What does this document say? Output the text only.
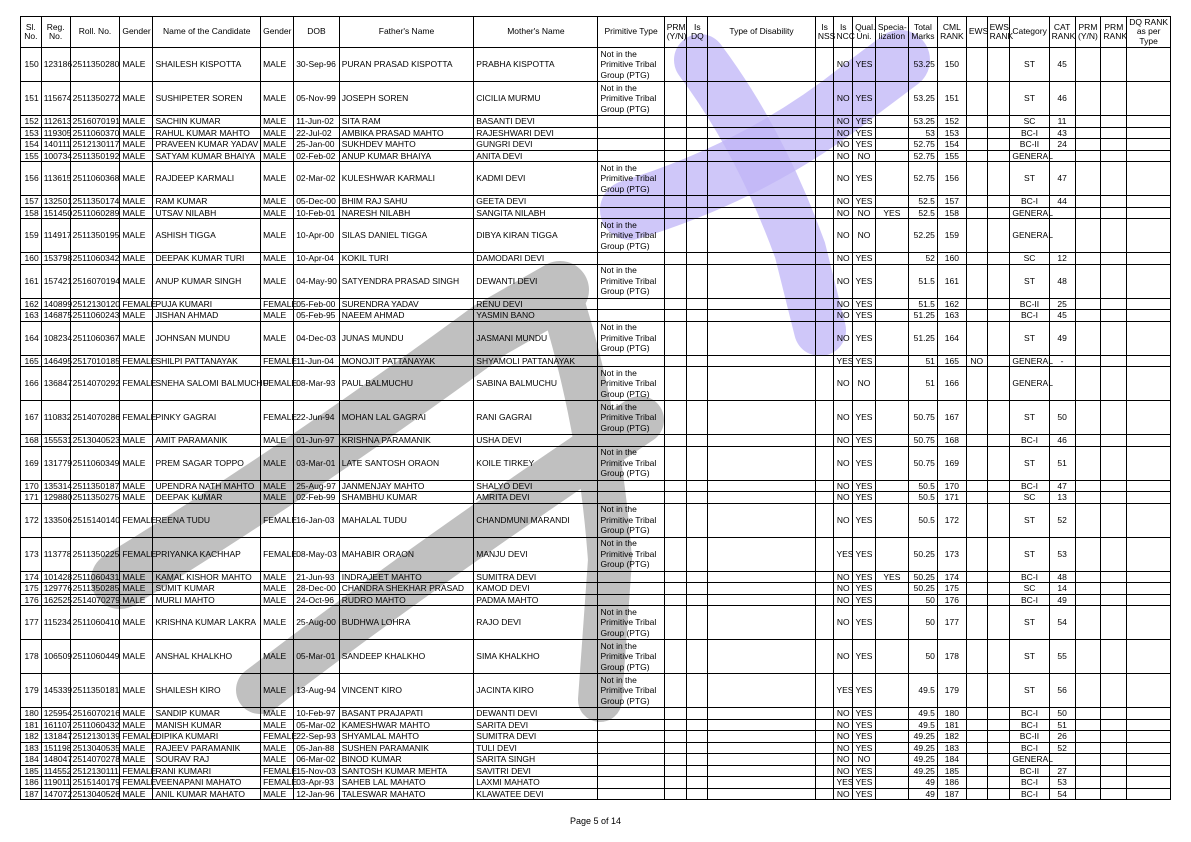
Sl. No.	Reg. No.	Roll. No.	Gender	Name of the Candidate	Gender	DOB	Father's Name	Mother's Name	Primitive Type	PRM (Y/N)	Is DQ	Type of Disability	Is NSS	Is NCC	Qual. Uni.	Specia-lization	Total Marks	CML RANK	EWS	EWS RANK	Category	CAT RANK	PRM (Y/N)	PRM RANK	DQ RANK as per Type
150	123186	2511350280	MALE	SHAILESH KISPOTTA	MALE	30-Sep-96	PURAN PRASAD KISPOTTA	PRABHA KISPOTTA	Not in the Primitive Tribal Group (PTG)					NO	YES		53.25	150			ST	45			
151	115674	2511350272	MALE	SUSHIPETER SOREN	MALE	05-Nov-99	JOSEPH SOREN	CICILIA MURMU	Not in the Primitive Tribal Group (PTG)					NO	YES		53.25	151			ST	46			
152	112613	2516070191	MALE	SACHIN KUMAR	MALE	11-Jun-02	SITA RAM	BASANTI DEVI						NO	YES		53.25	152			SC	11			
153	119305	2511060370	MALE	RAHUL KUMAR MAHTO	MALE	22-Jul-02	AMBIKA PRASAD MAHTO	RAJESHWARI DEVI						NO	YES		53	153			BC-I	43			
154	140111	2512130117	MALE	PRAVEEN KUMAR YADAV	MALE	25-Jan-00	SUKHDEV MAHTO	GUNGRI DEVI						NO	YES		52.75	154			BC-II	24			
155	100734	2511350192	MALE	SATYAM KUMAR BHAIYA	MALE	02-Feb-02	ANUP KUMAR BHAIYA	ANITA DEVI						NO	NO		52.75	155			GENERAL				
156	113615	2511060368	MALE	RAJDEEP KARMALI	MALE	02-Mar-02	KULESHWAR KARMALI	KADMI DEVI	Not in the Primitive Tribal Group (PTG)					NO	YES		52.75	156			ST	47			
157	132501	2511350174	MALE	RAM KUMAR	MALE	05-Dec-00	BHIM RAJ SAHU	GEETA DEVI						NO	YES		52.5	157			BC-I	44			
158	151450	2511060289	MALE	UTSAV NILABH	MALE	10-Feb-01	NARESH NILABH	SANGITA NILABH						NO	NO	YES	52.5	158			GENERAL				
159	114917	2511350195	MALE	ASHISH TIGGA	MALE	10-Apr-00	SILAS DANIEL TIGGA	DIBYA KIRAN TIGGA	Not in the Primitive Tribal Group (PTG)					NO	NO		52.25	159			GENERAL				
160	153798	2511060342	MALE	DEEPAK KUMAR TURI	MALE	10-Apr-04	KOKIL TURI	DAMODARI DEVI						NO	YES		52	160			SC	12			
161	157421	2516070194	MALE	ANUP KUMAR SINGH	MALE	04-May-90	SATYENDRA PRASAD SINGH	DEWANTI DEVI	Not in the Primitive Tribal Group (PTG)					NO	YES		51.5	161			ST	48			
162	140899	2512130120	FEMALE	PUJA KUMARI	FEMALE	05-Feb-00	SURENDRA YADAV	RENU DEVI						NO	YES		51.5	162			BC-II	25			
163	146875	2511060243	MALE	JISHAN AHMAD	MALE	05-Feb-95	NAEEM AHMAD	YASMIN BANO						NO	YES		51.25	163			BC-I	45			
164	108234	2511060367	MALE	JOHNSAN MUNDU	MALE	04-Dec-03	JUNAS MUNDU	JASMANI MUNDU	Not in the Primitive Tribal Group (PTG)					NO	YES		51.25	164			ST	49			
165	146495	2517010185	FEMALE	SHILPI PATTANAYAK	FEMALE	11-Jun-04	MONOJIT PATTANAYAK	SHYAMOLI PATTANAYAK						YES	YES		51	165	NO		GENERAL	-			
166	136847	2514070292	FEMALE	SNEHA SALOMI BALMUCHU	FEMALE	08-Mar-93	PAUL BALMUCHU	SABINA BALMUCHU	Not in the Primitive Tribal Group (PTG)					NO	NO		51	166			GENERAL				
167	110832	2514070286	FEMALE	PINKY GAGRAI	FEMALE	22-Jun-94	MOHAN LAL GAGRAI	RANI GAGRAI	Not in the Primitive Tribal Group (PTG)					NO	YES		50.75	167			ST	50			
168	155531	2513040523	MALE	AMIT PARAMANIK	MALE	01-Jun-97	KRISHNA PARAMANIK	USHA DEVI						NO	YES		50.75	168			BC-I	46			
169	131779	2511060349	MALE	PREM SAGAR TOPPO	MALE	03-Mar-01	LATE SANTOSH ORAON	KOILE TIRKEY	Not in the Primitive Tribal Group (PTG)					NO	YES		50.75	169			ST	51			
170	135314	2511350187	MALE	UPENDRA NATH MAHTO	MALE	25-Aug-97	JANMENJAY MAHTO	SHALYO DEVI						NO	YES		50.5	170			BC-I	47			
171	129880	2511350275	MALE	DEEPAK KUMAR	MALE	02-Feb-99	SHAMBHU KUMAR	AMRITA DEVI						NO	YES		50.5	171			SC	13			
172	133506	2515140140	FEMALE	REENA TUDU	FEMALE	16-Jan-03	MAHALAL TUDU	CHANDMUNI MARANDI	Not in the Primitive Tribal Group (PTG)					NO	YES		50.5	172			ST	52			
173	113778	2511350225	FEMALE	PRIYANKA KACHHAP	FEMALE	08-May-03	MAHABIR ORAON	MANJU DEVI	Not in the Primitive Tribal Group (PTG)					YES	YES		50.25	173			ST	53			
174	101428	2511060431	MALE	KAMAL KISHOR MAHTO	MALE	21-Jun-93	INDRAJEET MAHTO	SUMITRA DEVI						NO	YES	YES	50.25	174			BC-I	48			
175	129776	2511350285	MALE	SUMIT KUMAR	MALE	28-Dec-00	CHANDRA SHEKHAR PRASAD	KAMOD DEVI						NO	YES		50.25	175			SC	14			
176	162525	2514070279	MALE	MURLI MAHTO	MALE	24-Oct-96	RUDRO MAHTO	PADMA MAHTO						NO	YES		50	176			BC-I	49			
177	115234	2511060410	MALE	KRISHNA KUMAR LAKRA	MALE	25-Aug-00	BUDHWA LOHRA	RAJO DEVI	Not in the Primitive Tribal Group (PTG)					NO	YES		50	177			ST	54			
178	106509	2511060449	MALE	ANSHAL KHALKHO	MALE	05-Mar-01	SANDEEP KHALKHO	SIMA KHALKHO	Not in the Primitive Tribal Group (PTG)					NO	YES		50	178			ST	55			
179	145339	2511350181	MALE	SHAILESH KIRO	MALE	13-Aug-94	VINCENT KIRO	JACINTA KIRO	Not in the Primitive Tribal Group (PTG)					YES	YES		49.5	179			ST	56			
180	125954	2516070216	MALE	SANDIP KUMAR	MALE	10-Feb-97	BASANT PRAJAPATI	DEWANTI DEVI						NO	YES		49.5	180			BC-I	50			
181	161107	2511060432	MALE	MANISH KUMAR	MALE	05-Mar-02	KAMESHWAR MAHTO	SARITA DEVI						NO	YES		49.5	181			BC-I	51			
182	131847	2512130139	FEMALE	DIPIKA KUMARI	FEMALE	22-Sep-93	SHYAMLAL MAHTO	SUMITRA DEVI						NO	YES		49.25	182			BC-II	26			
183	151198	2513040535	MALE	RAJEEV PARAMANIK	MALE	05-Jan-88	SUSHEN PARAMANIK	TULI DEVI						NO	YES		49.25	183			BC-I	52			
184	148047	2514070278	MALE	SOURAV RAJ	MALE	06-Mar-02	BINOD KUMAR	SARITA SINGH						NO	NO		49.25	184			GENERAL				
185	114552	2512130111	FEMALE	RANI KUMARI	FEMALE	15-Nov-03	SANTOSH KUMAR MEHTA	SAVITRI DEVI						NO	YES		49.25	185			BC-II	27			
186	119011	2515140179	FEMALE	VEENAPANI MAHATO	FEMALE	03-Apr-93	SAHEB LAL MAHATO	LAXMI MAHATO						YES	YES		49	186			BC-I	53			
187	147072	2513040526	MALE	ANIL KUMAR MAHATO	MALE	12-Jan-96	TALESWAR MAHATO	KLAWATEE DEVI						NO	YES		49	187			BC-I	54			
Page 5 of 14
